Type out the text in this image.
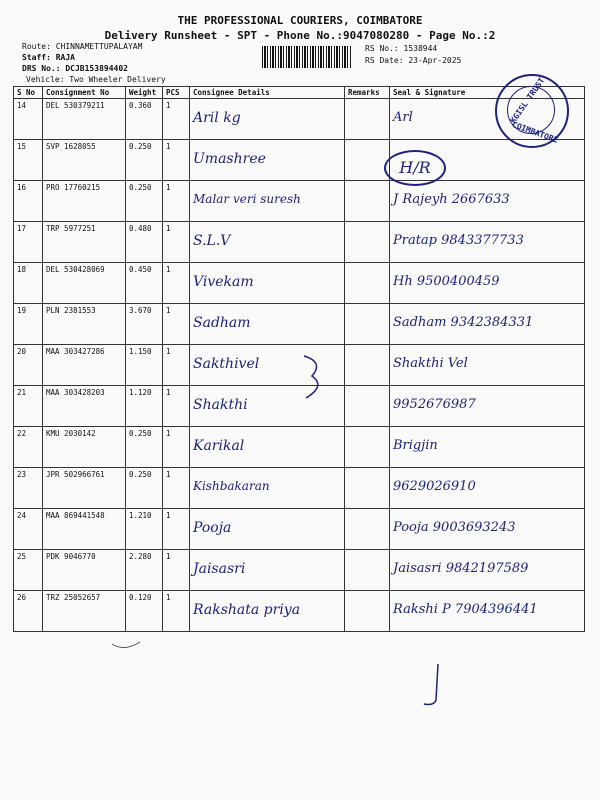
THE PROFESSIONAL COURIERS, COIMBATORE
Delivery Runsheet - SPT - Phone No.:9047080280 - Page No.:2
Route: CHINNAMETTUPALAYAM
Staff: RAJA
DRS No.: DCJB153894402
Vehicle: Two Wheeler Delivery
RS No.: 1538944
RS Date: 23-Apr-2025
S No	Consignment No	Weight	PCS	Consignee Details	Remarks	Seal & Signature
14	DEL 530379211	0.360	1	Aril kg		Arl

15	SVP 1628055	0.250	1	Umashree		

16	PRO 17760215	0.250	1	Malar veri suresh		J Rajeyh 2667633

17	TRP 5977251	0.480	1	S.L.V		Pratap 9843377733

18	DEL 530428069	0.450	1	Vivekam		Hh 9500400459

19	PLN 2381553	3.670	1	Sadham		Sadham 9342384331

20	MAA 303427286	1.150	1	Sakthivel		Shakthi Vel

21	MAA 303428203	1.120	1	Shakthi		9952676987

22	KMU 2030142	0.250	1	Karikal		Brigjin

23	JPR 502966761	0.250	1	Kishbakaran		9629026910

24	MAA 869441548	1.210	1	Pooja		Pooja 9003693243

25	PDK 9046770	2.280	1	Jaisasri		Jaisasri 9842197589

26	TRZ 25052657	0.120	1	Rakshata priya		Rakshi P 7904396441
KGISL TRUST
COIMBATORE
H/R
